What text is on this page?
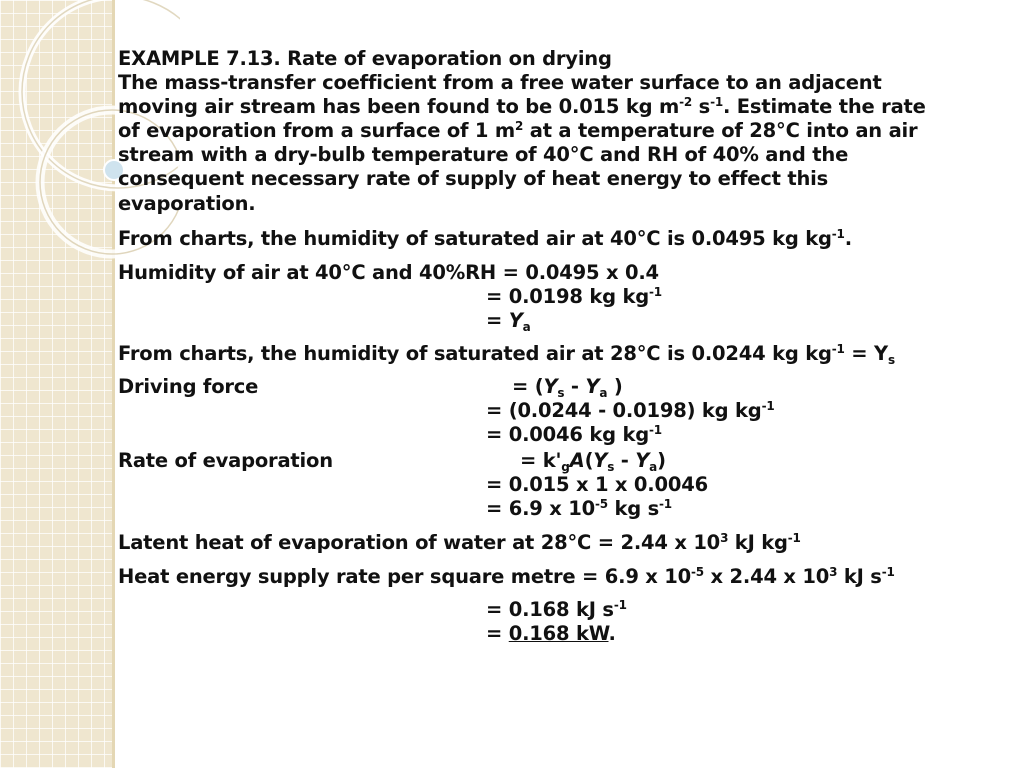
EXAMPLE 7.13. Rate of evaporation on drying
The mass-transfer coefficient from a free water surface to an adjacent
moving air stream has been found to be 0.015 kg $m^{-2}$ $s^{-1}$. Estimate the rate
of evaporation from a surface of 1 $m^2$ at a temperature of 28°C into an air
stream with a dry-bulb temperature of 40°C and RH of 40% and the
consequent necessary rate of supply of heat energy to effect this
evaporation.
From charts, the humidity of saturated air at 40°C is 0.0495 kg $kg^{-1}$.
Humidity of air at 40°C and 40%RH = 0.0495 x 0.4
= 0.0198 kg $kg^{-1}$
= $Y_a$
From charts, the humidity of saturated air at 28°C is 0.0244 kg $kg^{-1} = Y_s$
Driving force	= ($Y_s - Y_a$ )
= (0.0244 - 0.0198) kg $kg^{-1}$
= 0.0046 kg $kg^{-1}$
Rate of evaporation	= $k'_gA(Y_s - Y_a)$
= 0.015 x 1 x 0.0046
= 6.9 x $10^{-5}$ kg $s^{-1}$
Latent heat of evaporation of water at 28°C = 2.44 x $10^3$ kJ $kg^{-1}$
Heat energy supply rate per square metre = 6.9 x $10^{-5}$ x 2.44 x $10^3$ kJ $s^{-1}$
= 0.168 kJ $s^{-1}$
= 0.168 kW.
